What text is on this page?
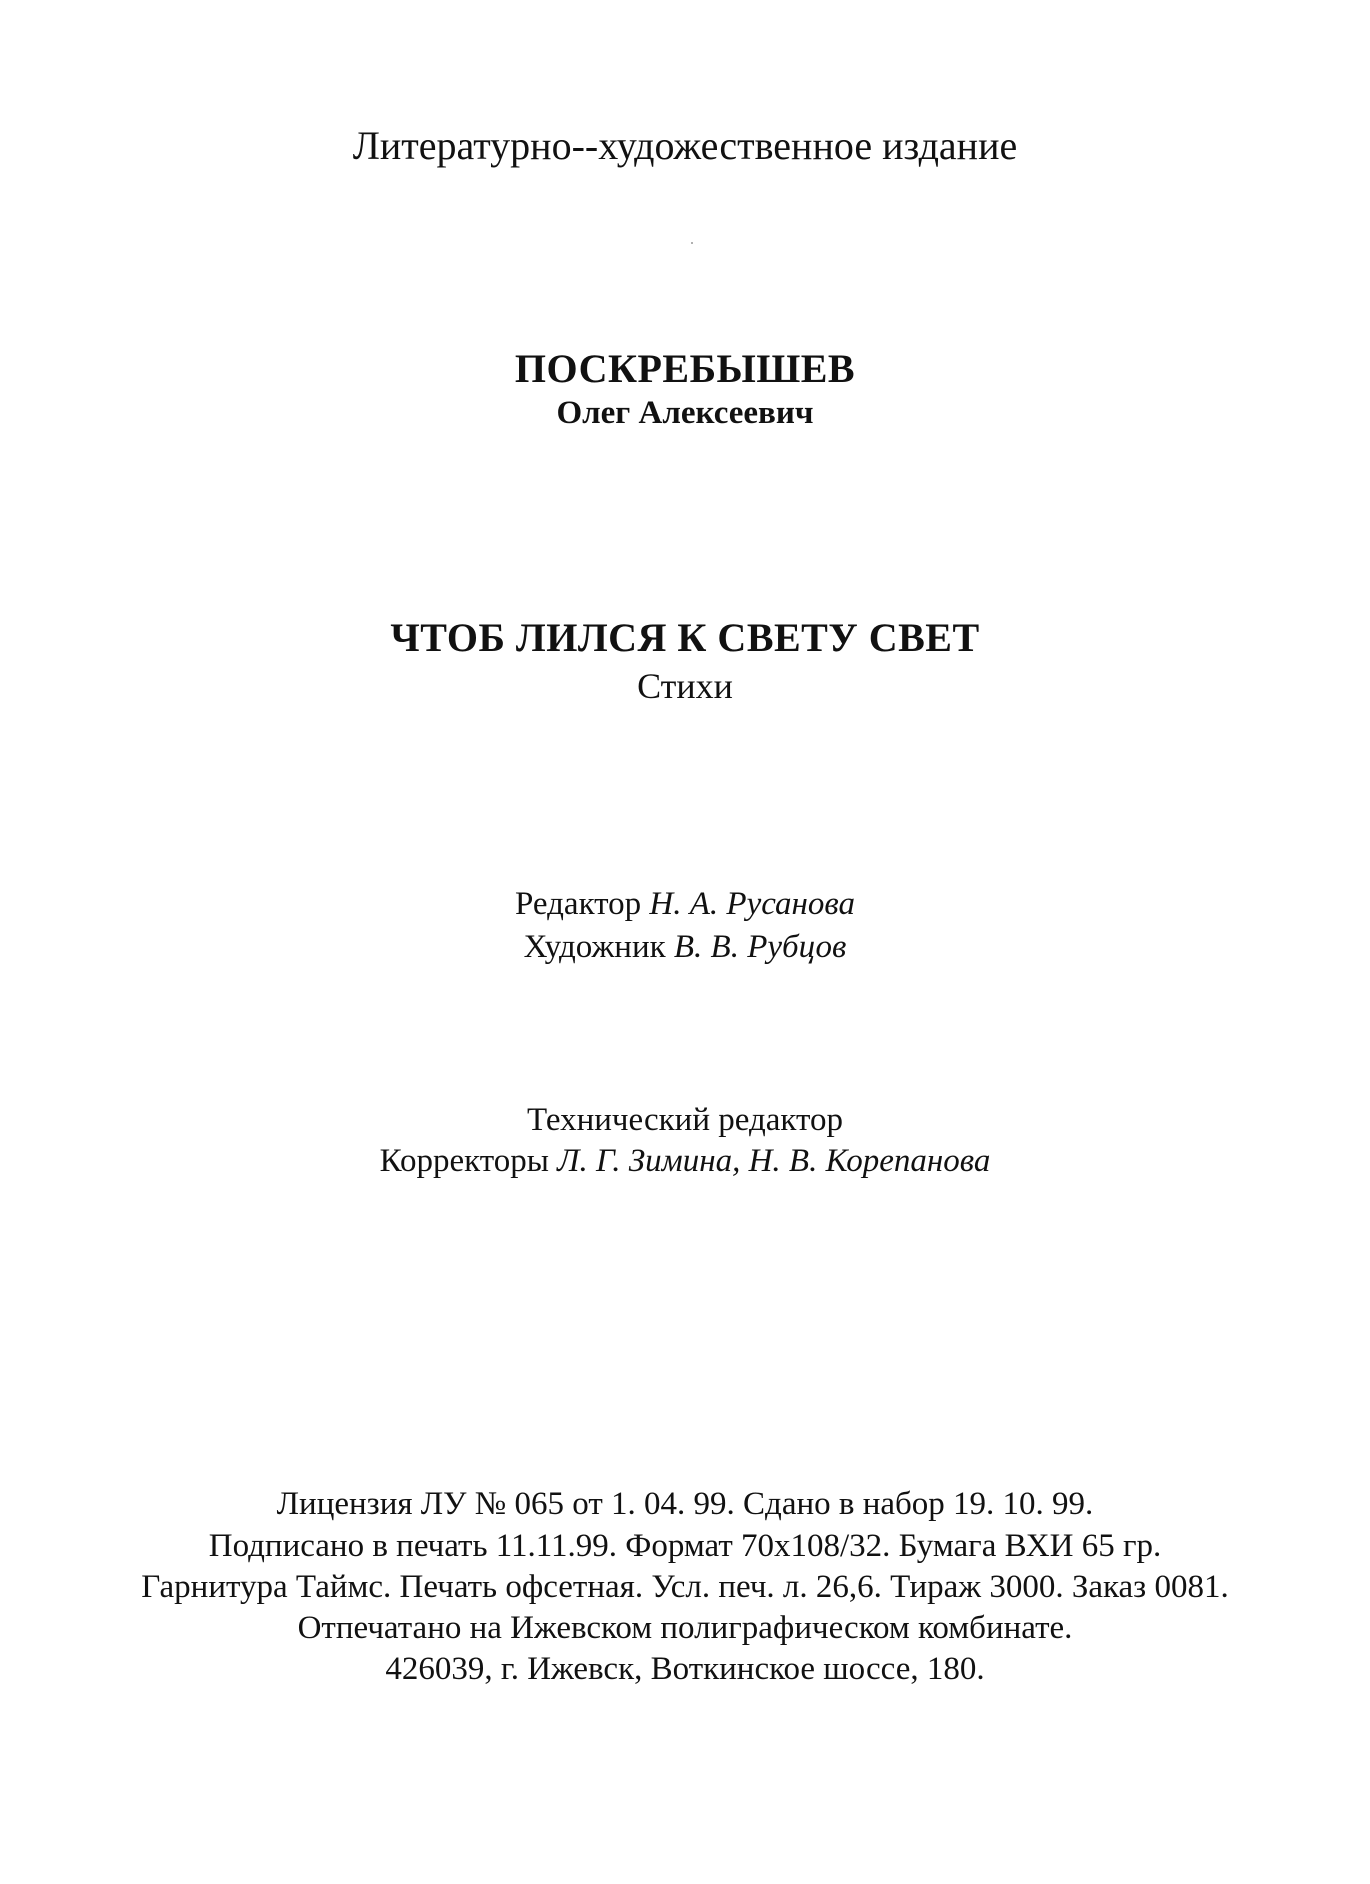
Литературно--художественное издание
ПОСКРЕБЫШЕВ
Олег Алексеевич
ЧТОБ ЛИЛСЯ К СВЕТУ СВЕТ
Стихи
Редактор Н. А. Русанова
Художник В. В. Рубцов
Технический редактор
Корректоры Л. Г. Зимина, Н. В. Корепанова
Лицензия ЛУ № 065 от 1. 04. 99. Сдано в набор 19. 10. 99.
Подписано в печать 11.11.99. Формат 70х108/32. Бумага ВХИ 65 гр.
Гарнитура Таймс. Печать офсетная. Усл. печ. л. 26,6. Тираж 3000. Заказ 0081.
Отпечатано на Ижевском полиграфическом комбинате.
426039, г. Ижевск, Воткинское шоссе, 180.
